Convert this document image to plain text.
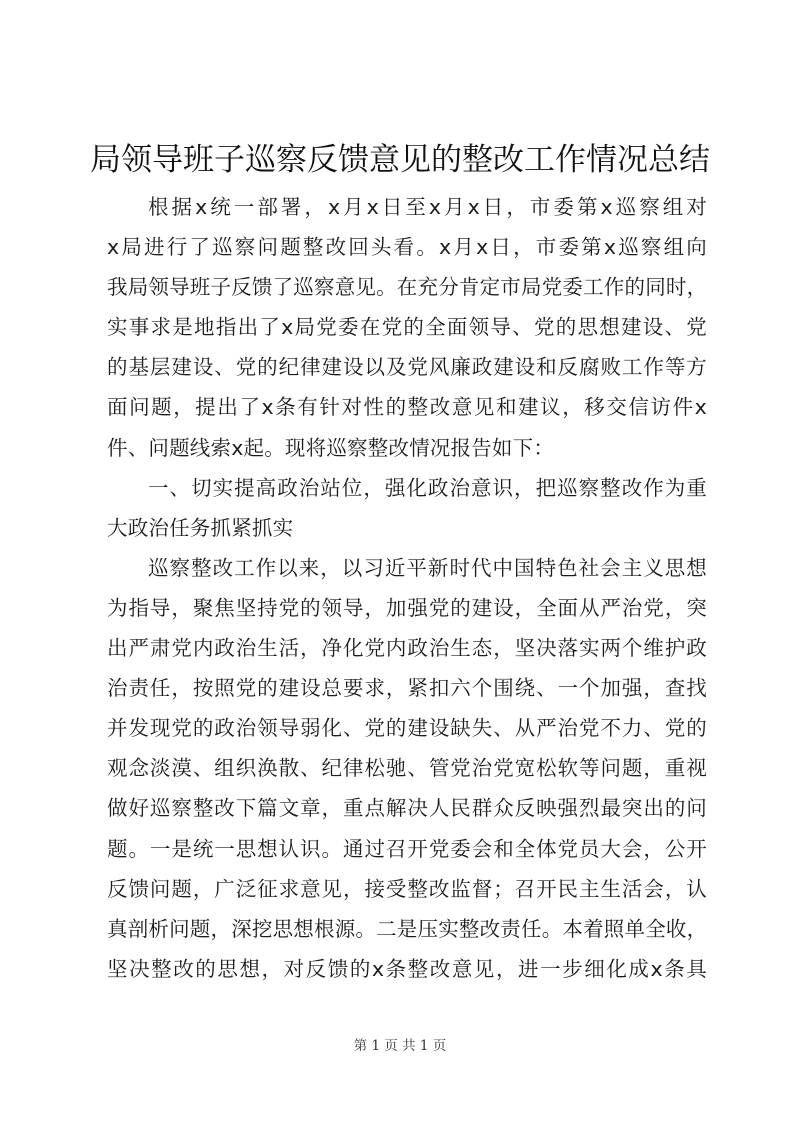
局领导班子巡察反馈意见的整改工作情况总结
根据x统一部署，x月x日至x月x日，市委第x巡察组对
x局进行了巡察问题整改回头看。x月x日，市委第x巡察组向
我局领导班子反馈了巡察意见。在充分肯定市局党委工作的同时，
实事求是地指出了x局党委在党的全面领导、党的思想建设、党
的基层建设、党的纪律建设以及党风廉政建设和反腐败工作等方
面问题，提出了x条有针对性的整改意见和建议，移交信访件x
件、问题线索x起。现将巡察整改情况报告如下：
一、切实提高政治站位，强化政治意识，把巡察整改作为重
大政治任务抓紧抓实
巡察整改工作以来，以习近平新时代中国特色社会主义思想
为指导，聚焦坚持党的领导，加强党的建设，全面从严治党，突
出严肃党内政治生活，净化党内政治生态，坚决落实两个维护政
治责任，按照党的建设总要求，紧扣六个围绕、一个加强，查找
并发现党的政治领导弱化、党的建设缺失、从严治党不力、党的
观念淡漠、组织涣散、纪律松驰、管党治党宽松软等问题，重视
做好巡察整改下篇文章，重点解决人民群众反映强烈最突出的问
题。一是统一思想认识。通过召开党委会和全体党员大会，公开
反馈问题，广泛征求意见，接受整改监督；召开民主生活会，认
真剖析问题，深挖思想根源。二是压实整改责任。本着照单全收，
坚决整改的思想，对反馈的x条整改意见，进一步细化成x条具
第 1 页 共 1 页
